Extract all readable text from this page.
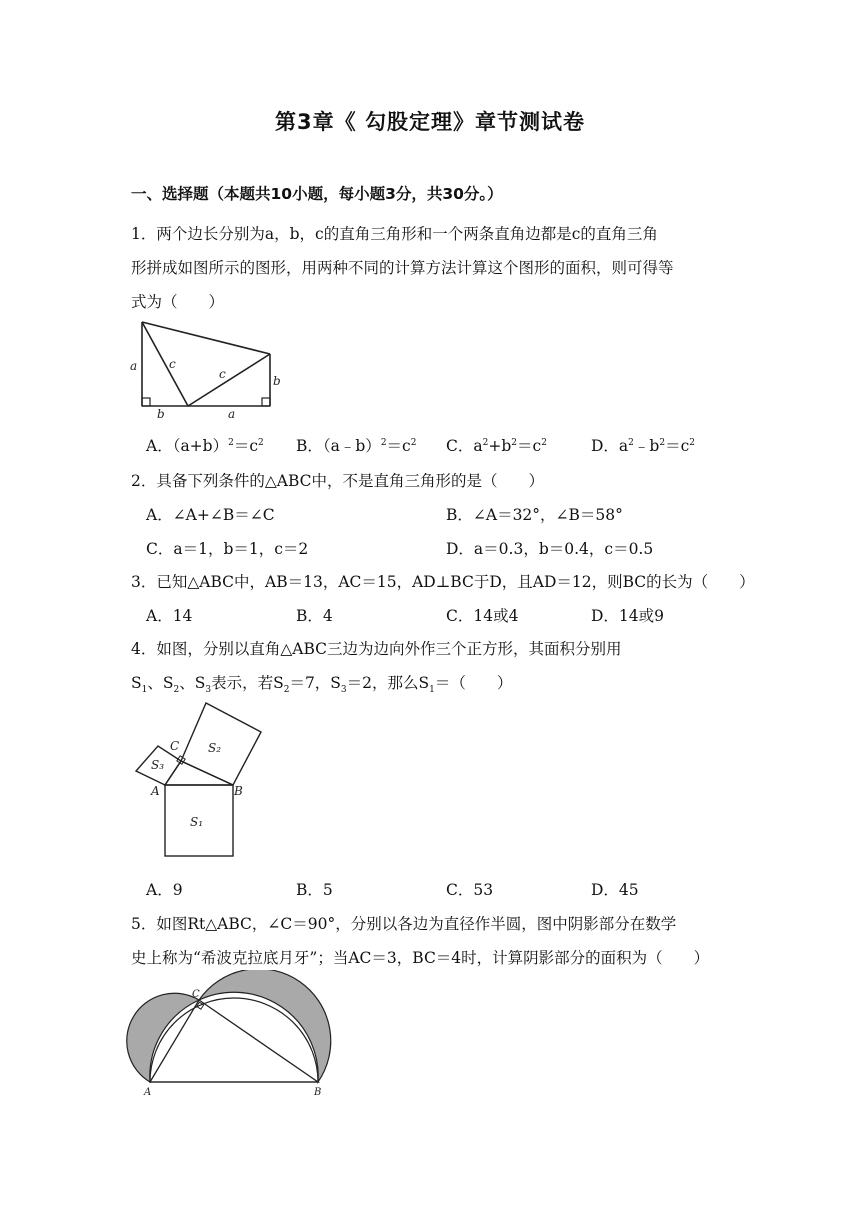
第3章《 勾股定理》章节测试卷
一、选择题（本题共10小题，每小题3分，共30分。）
1．两个边长分别为a，b，c的直角三角形和一个两条直角边都是c的直角三角
形拼成如图所示的图形，用两种不同的计算方法计算这个图形的面积，则可得等
式为（　　）
a	c
c	b
b	a
A．$(a+b)^2=c^2$ B．$(a﹣b)^2=c^2$ C．$a^2+b^2=c^2$	D．$a^2﹣b^2=c^2$
2．具备下列条件的△ABC中，不是直角三角形的是（　　）
A．∠A+∠B＝∠C	B．∠A＝32°，∠B＝58°
C．a＝1，b＝1，c＝2	D．a＝0.3，b＝0.4，c＝0.5
3．已知△ABC中，AB＝13，AC＝15，AD⊥BC于D，且AD＝12，则BC的长为（　　）
A．14	B．4	C．14或4	D．14或9
4．如图，分别以直角△ABC三边为边向外作三个正方形，其面积分别用
$S_1$、$S_2$、$S_3$表示，若$S_2=7$，$S_3=2$，那么$S_1=$（　　）
C S₂
S₃
A	B
S₁
A．9	B．5	C．53	D．45
5．如图Rt△ABC，∠C＝90°，分别以各边为直径作半圆，图中阴影部分在数学
史上称为“希波克拉底月牙”；当AC＝3，BC＝4时，计算阴影部分的面积为（　　）
C
A	B
